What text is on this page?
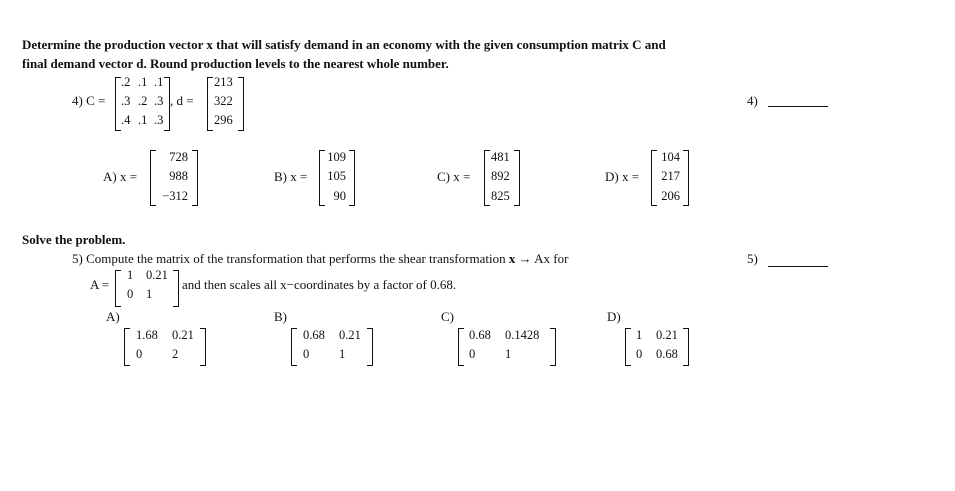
Determine the production vector x that will satisfy demand in an economy with the given consumption matrix C and
final demand vector d. Round production levels to the nearest whole number.
4) C =
.2 .1 .1
.3 .2 .3
.4 .1 .3
, d =
213
322
296
4)
A) x =
728
988
−312
B) x =
109
105
90
C) x =
481
892
825
D) x =
104
217
206
Solve the problem.
5) Compute the matrix of the transformation that performs the shear transformation x → Ax for	5)
A =
1 0.21
0 1
and then scales all x−coordinates by a factor of 0.68.
A)
1.68 0.21
0 2
B)
0.68 0.21
0 1
C)
0.68 0.1428
0 1
D)
1 0.21
0 0.68
